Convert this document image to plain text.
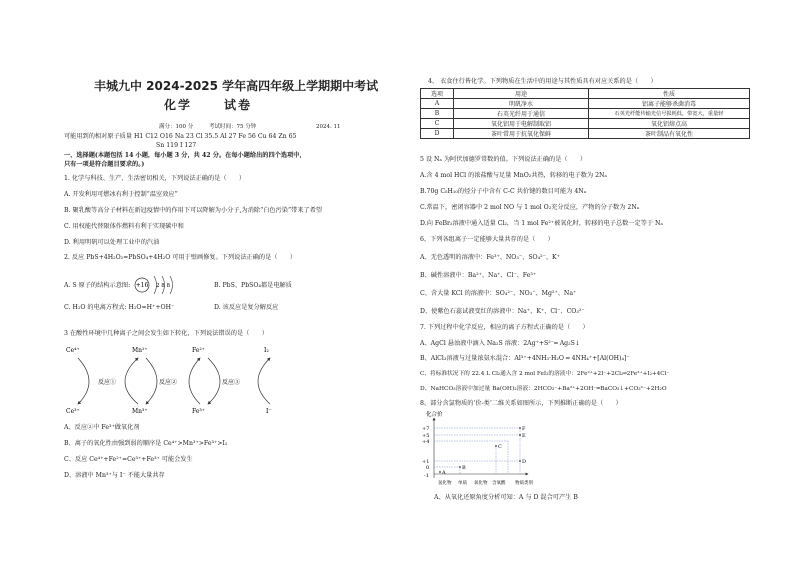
丰城九中 2024-2025 学年高四年级上学期期中考试
化学	试卷
满分：100 分	考试时间：75 分钟	2024. 11
可能用到的相对原子质量 H1 C12 O16 Na 23 Cl 35.5 Al 27 Fe 56 Cu 64 Zn 65
Sn 119 I 127
一、选择题(本题包括 14 小题，每小题 3 分，共 42 分。在每小题给出的四个选项中，
只有一项是符合题目要求的。)
1. 化学与科技、生产、生活密切相关，下列说法正确的是（　　）
A. 开发利用可燃冰有利于控制“温室效应”
B. 聚乳酸等高分子材料在新冠疫情中的作用下可以降解为小分子,为消除“白色污染”带来了希望
C. 用权能代替限体作燃料有利于实现碳中和
D. 利用明矾可以处理工业中的汽油
2. 反应 PbS+4H₂O₂=PbSO₄+4H₂O 可用于壁画修复。下列说法正确的是（　　）
A. S 原子的结构示意图: +16 2 8 8	B. PbS、PbSO₄都是电解质
C. H₂O 的电离方程式: H₂O=H⁺+OH⁻	D. 该反应是复分解反应
3 在酸性环境中几种离子之间会发生如下转化，下列说法错误的是（　　）
Ce⁴⁺	Mn²⁺	Fe²⁺	I₂
Ce³⁺	Mn³⁺	Fe³⁺	I⁻
反应①	反应②	反应③
A、反应②中 Fe³⁺做氧化剂
B、离子的氧化性由强到弱的顺序是 Ce⁴⁺>Mn³⁺>Fe³⁺>I₂
C、反应 Ce⁴⁺+Fe²⁺=Ce³⁺+Fe³⁺ 可能会发生
D、溶液中 Mn³⁺与 I⁻ 不能大量共存
4、 衣食住行皆化学。下列物质在生活中的用途与其性质具有对应关系的是（　　）
选项	用途	性质
A	明矾净水	铝离子能够杀菌消毒
B	石英光纤用于通信	石英光纤能传输光信号损耗低，带宽大，重量轻
C	氧化铝用于电解制取铝	氧化铝熔点高
D	茶叶常用于抗氧化保鲜	茶叶制品有氧化性
5 设 Nₐ 为阿伏加德罗常数的值。下列说法正确的是（　　）
A.含 4 mol HCl 的浓盐酸与足量 MnO₂共热，转移的电子数为 2Nₐ
B.70g C₅H₁₀的烃分子中含有 C-C 共价键的数目可能为 4Nₐ
C.常温下，密闭容器中 2 mol NO 与 1 mol O₂充分反应，产物的分子数为 2Nₐ
D.向 FeBr₂溶液中通入适量 Cl₂，当 1 mol Fe²⁺被氧化时，转移的电子总数一定等于 Nₐ
6、下列各组离子一定能够大量共存的是（　　）
A、无色透明的溶液中：Fe³⁺、NO₃⁻、SO₄²⁻、K⁺
B、碱性溶液中：Ba²⁺、Na⁺、Cl⁻、Fe³⁺
C、含大量 KCl 的溶液中：SO₄²⁻、NO₃⁻、Mg²⁺、Na⁺
D、使紫色石蕊试液变红的溶液中：Na⁺、K⁺、Cl⁻、CO₃²⁻
7. 下列过程中化学反应，相应的离子方程式正确的是（　　）
A、AgCl 悬浊液中滴入 Na₂S 溶液：2Ag⁺+S²⁻═ Ag₂S↓
B、AlCl₃溶液与过量浓氨水混合：Al³⁺+4NH₃·H₂O ═ 4NH₄⁺+[Al(OH)₄]⁻
C、将标准状况下的 22.4 L Cl₂通入含 2 mol FeI₂的溶液中：2Fe²⁺+2I⁻+2Cl₂═2Fe³⁺+I₂+4Cl⁻
D、NaHCO₃溶液中加过量 Ba(OH)₂溶液：2HCO₃⁻+Ba²⁺+2OH⁻═BaCO₃↓+CO₃²⁻+2H₂O
8、部分含氯物质的‘价-类’二维关系如图所示，下列推断正确的是（　　）
化合价
+7
+5
+4
+1
0
-1	A
B
C
D
E
F
氢化物 单质 氧化物 含氧酸 物质类别
A、从氧化还原角度分析可知：A 与 D 混合可产生 B
